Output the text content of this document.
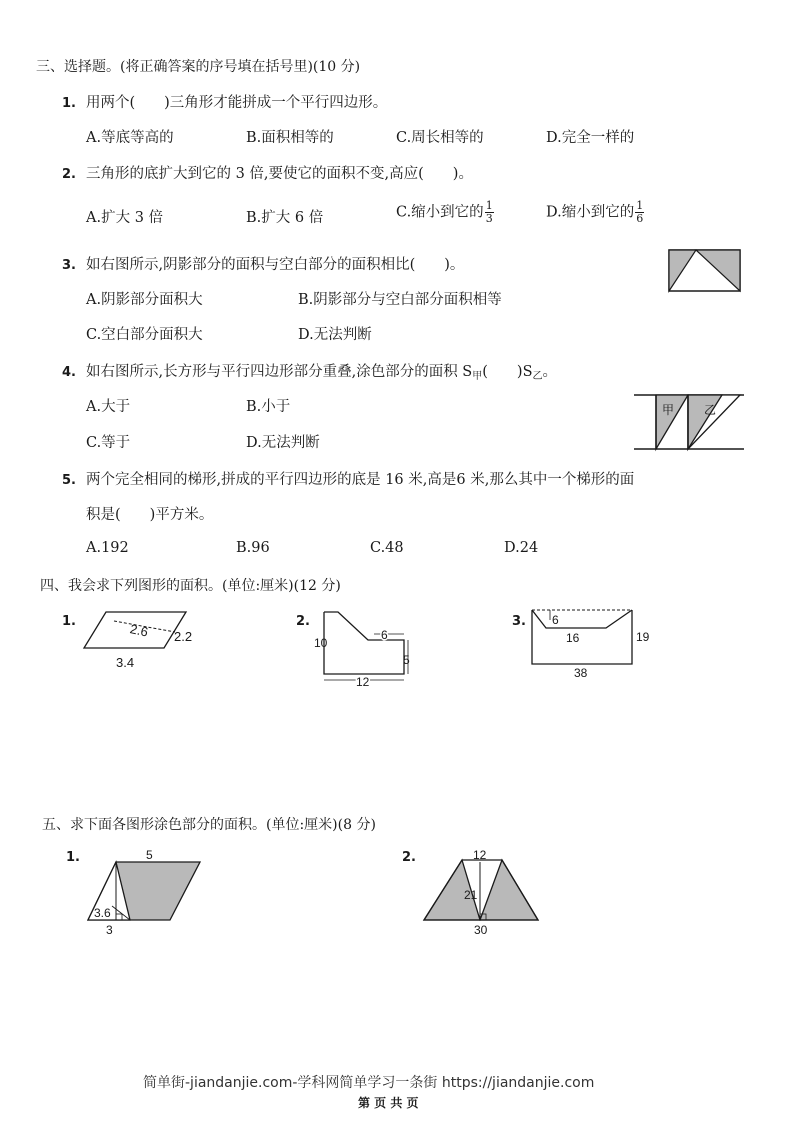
三、选择题。(将正确答案的序号填在括号里)(10 分)
1. 用两个(　　)三角形才能拼成一个平行四边形。
A.等底等高的	B.面积相等的	C.周长相等的	D.完全一样的
2. 三角形的底扩大到它的 3 倍,要使它的面积不变,高应(　　)。
A.扩大 3 倍	B.扩大 6 倍	C.缩小到它的 $\frac{1}{3}$	D.缩小到它的 $\frac{1}{6}$
3. 如右图所示,阴影部分的面积与空白部分的面积相比(　　)。
A.阴影部分面积大	B.阴影部分与空白部分面积相等
C.空白部分面积大	D.无法判断
4. 如右图所示,长方形与平行四边形部分重叠,涂色部分的面积 $S_甲$(　　)$S_乙$。
A.大于	B.小于
C.等于	D.无法判断
甲 乙
5. 两个完全相同的梯形,拼成的平行四边形的底是 16 米,高是6 米,那么其中一个梯形的面
积是(　　)平方米。
A.192	B.96	C.48	D.24
四、我会求下列图形的面积。(单位:厘米)(12 分)
1.	2.6 2.2
3.4
2.
10
6
5
12
3. 6
16	19
38
五、求下面各图形涂色部分的面积。(单位:厘米)(8 分)
1.	5
3.6
3
2.	12
21
30
简单街-jiandanjie.com-学科网简单学习一条街 https://jiandanjie.com
第 页 共 页
